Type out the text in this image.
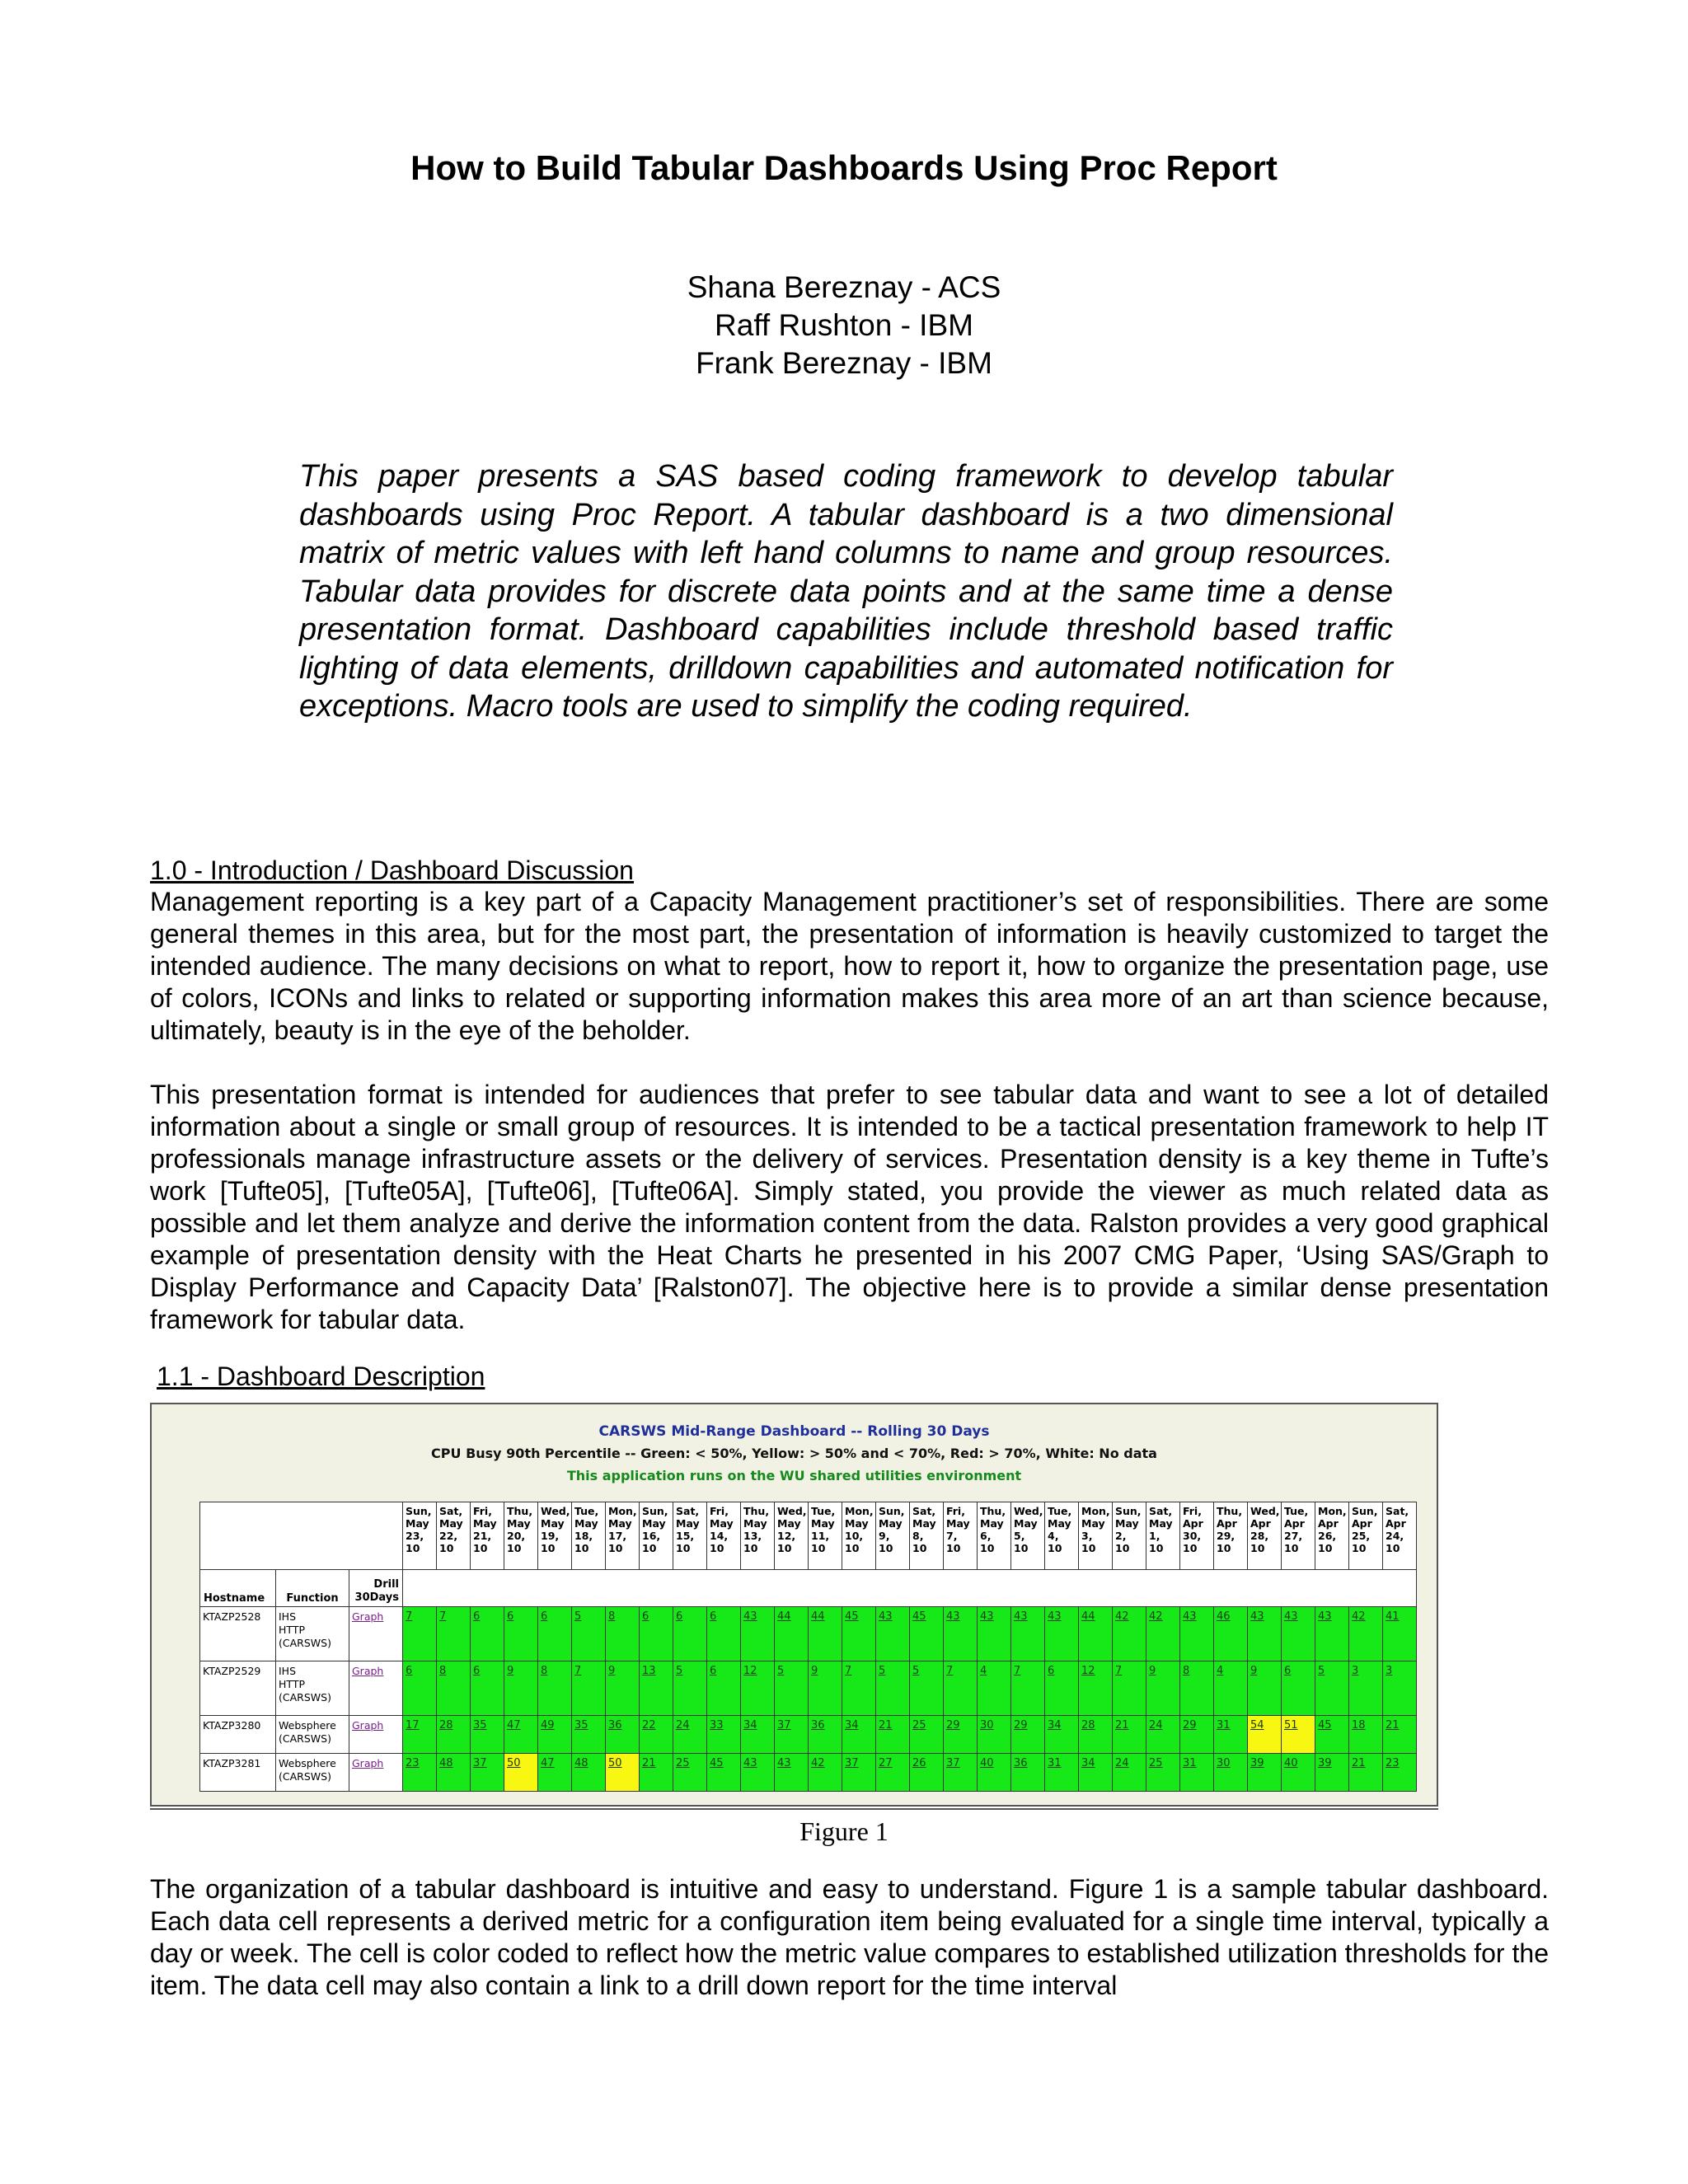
How to Build Tabular Dashboards Using Proc Report
Shana Bereznay - ACS
Raff Rushton - IBM
Frank Bereznay - IBM
This paper presents a SAS based coding framework to develop tabular dashboards using Proc Report. A tabular dashboard is a two dimensional matrix of metric values with left hand columns to name and group resources. Tabular data provides for discrete data points and at the same time a dense presentation format. Dashboard capabilities include threshold based traffic lighting of data elements, drilldown capabilities and automated notification for exceptions. Macro tools are used to simplify the coding required.
1.0 - Introduction / Dashboard Discussion

Management reporting is a key part of a Capacity Management practitioner’s set of responsibilities. There are some general themes in this area, but for the most part, the presentation of information is heavily customized to target the intended audience. The many decisions on what to report, how to report it, how to organize the presentation page, use of colors, ICONs and links to related or supporting information makes this area more of an art than science because, ultimately, beauty is in the eye of the beholder.

This presentation format is intended for audiences that prefer to see tabular data and want to see a lot of detailed information about a single or small group of resources. It is intended to be a tactical presentation framework to help IT professionals manage infrastructure assets or the delivery of services. Presentation density is a key theme in Tufte’s work [Tufte05], [Tufte05A], [Tufte06], [Tufte06A]. Simply stated, you provide the viewer as much related data as possible and let them analyze and derive the information content from the data. Ralston provides a very good graphical example of presentation density with the Heat Charts he presented in his 2007 CMG Paper, ‘Using SAS/Graph to Display Performance and Capacity Data’ [Ralston07]. The objective here is to provide a similar dense presentation framework for tabular data.

1.1 - Dashboard Description
CARSWS Mid-Range Dashboard -- Rolling 30 Days
CPU Busy 90th Percentile -- Green: < 50%, Yellow: > 50% and < 70%, Red: > 70%, White: No data
This application runs on the WU shared utilities environment
			Sun,
May
23,
10	Sat,
May
22,
10	Fri,
May
21,
10	Thu,
May
20,
10	Wed,
May
19,
10	Tue,
May
18,
10	Mon,
May
17,
10	Sun,
May
16,
10	Sat,
May
15,
10	Fri,
May
14,
10	Thu,
May
13,
10	Wed,
May
12,
10	Tue,
May
11,
10	Mon,
May
10,
10	Sun,
May
9,
10	Sat,
May
8,
10	Fri,
May
7,
10	Thu,
May
6,
10	Wed,
May
5,
10	Tue,
May
4,
10	Mon,
May
3,
10	Sun,
May
2,
10	Sat,
May
1,
10	Fri,
Apr
30,
10	Thu,
Apr
29,
10	Wed,
Apr
28,
10	Tue,
Apr
27,
10	Mon,
Apr
26,
10	Sun,
Apr
25,
10	Sat,
Apr
24,
10
Hostname	Function	Drill
30Days																														
KTAZP2528	IHS
HTTP
(CARSWS)	Graph	7	7	6	6	6	5	8	6	6	6	43	44	44	45	43	45	43	43	43	43	44	42	42	43	46	43	43	43	42	41
KTAZP2529	IHS
HTTP
(CARSWS)	Graph	6	8	6	9	8	7	9	13	5	6	12	5	9	7	5	5	7	4	7	6	12	7	9	8	4	9	6	5	3	3
KTAZP3280	Websphere
(CARSWS)	Graph	17	28	35	47	49	35	36	22	24	33	34	37	36	34	21	25	29	30	29	34	28	21	24	29	31	54	51	45	18	21
KTAZP3281	Websphere
(CARSWS)	Graph	23	48	37	50	47	48	50	21	25	45	43	43	42	37	27	26	37	40	36	31	34	24	25	31	30	39	40	39	21	23
Figure 1

The organization of a tabular dashboard is intuitive and easy to understand. Figure 1 is a sample tabular dashboard. Each data cell represents a derived metric for a configuration item being evaluated for a single time interval, typically a day or week. The cell is color coded to reflect how the metric value compares to established utilization thresholds for the item. The data cell may also contain a link to a drill down report for the time interval
